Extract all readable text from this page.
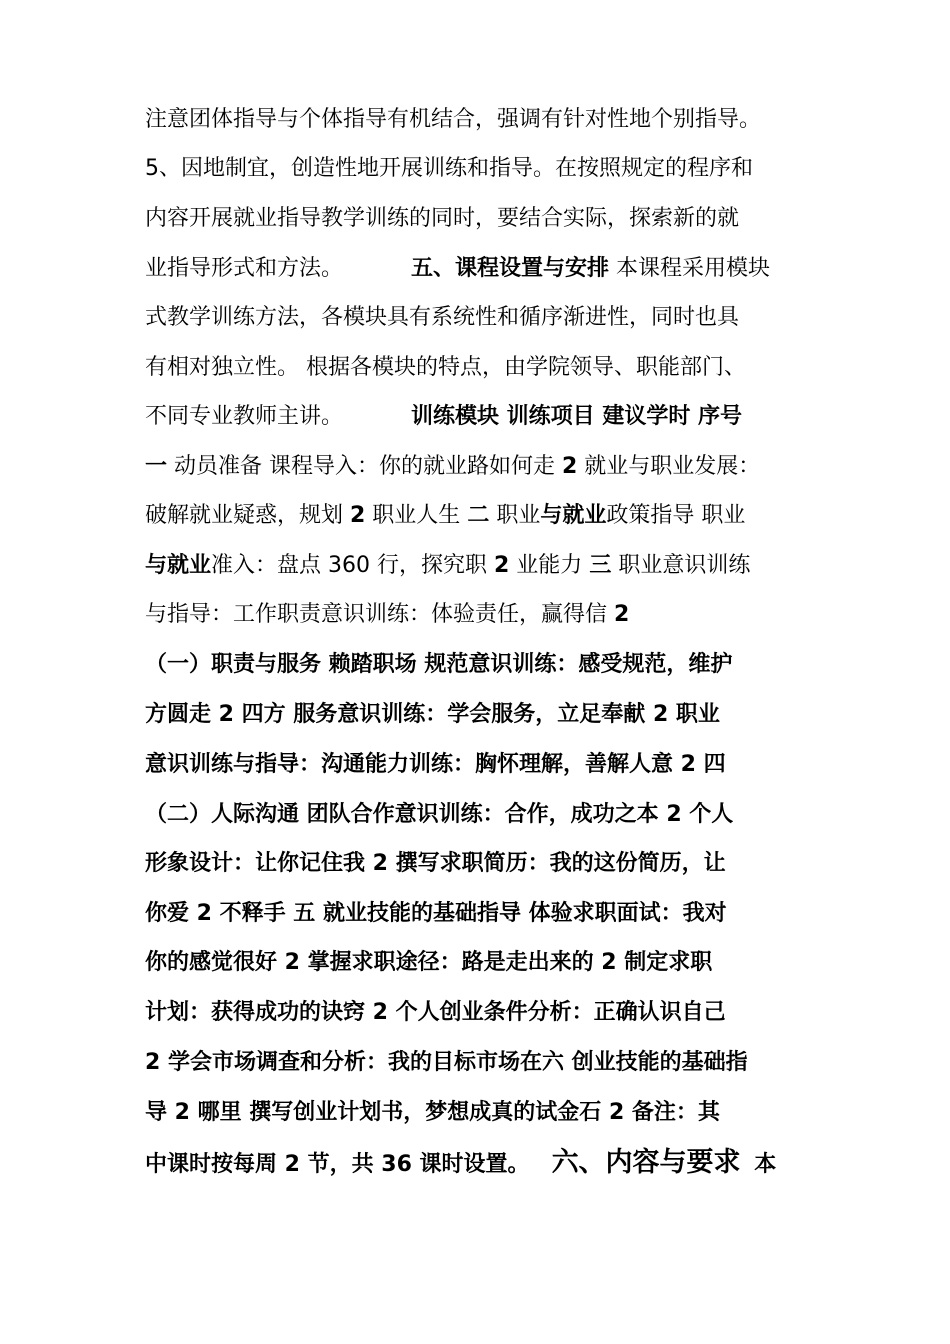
注意团体指导与个体指导有机结合，强调有针对性地个别指导。
5、因地制宜，创造性地开展训练和指导。在按照规定的程序和
内容开展就业指导教学训练的同时，要结合实际，探索新的就
业指导形式和方法。	五、课程设置与安排 本课程采用模块
式教学训练方法，各模块具有系统性和循序渐进性，同时也具
有相对独立性。 根据各模块的特点，由学院领导、职能部门、
不同专业教师主讲。	训练模块 训练项目 建议学时 序号
一 动员准备 课程导入：你的就业路如何走 2 就业与职业发展：
破解就业疑惑，规划 2 职业人生 二 职业与就业政策指导 职业
与就业准入：盘点 360 行，探究职 2 业能力 三 职业意识训练
与指导：工作职责意识训练：体验责任，赢得信 2
（一）职责与服务 赖踏职场 规范意识训练：感受规范，维护
方圆走 2 四方 服务意识训练：学会服务，立足奉献 2 职业
意识训练与指导：沟通能力训练：胸怀理解，善解人意 2 四
（二）人际沟通 团队合作意识训练：合作，成功之本 2 个人
形象设计：让你记住我 2 撰写求职简历：我的这份简历，让
你爱 2 不释手 五 就业技能的基础指导 体验求职面试：我对
你的感觉很好 2 掌握求职途径：路是走出来的 2 制定求职
计划：获得成功的诀窍 2 个人创业条件分析：正确认识自己
2 学会市场调查和分析：我的目标市场在六 创业技能的基础指
导 2 哪里 撰写创业计划书，梦想成真的试金石 2 备注：其
中课时按每周 2 节，共 36 课时设置。 六、内容与要求 本
